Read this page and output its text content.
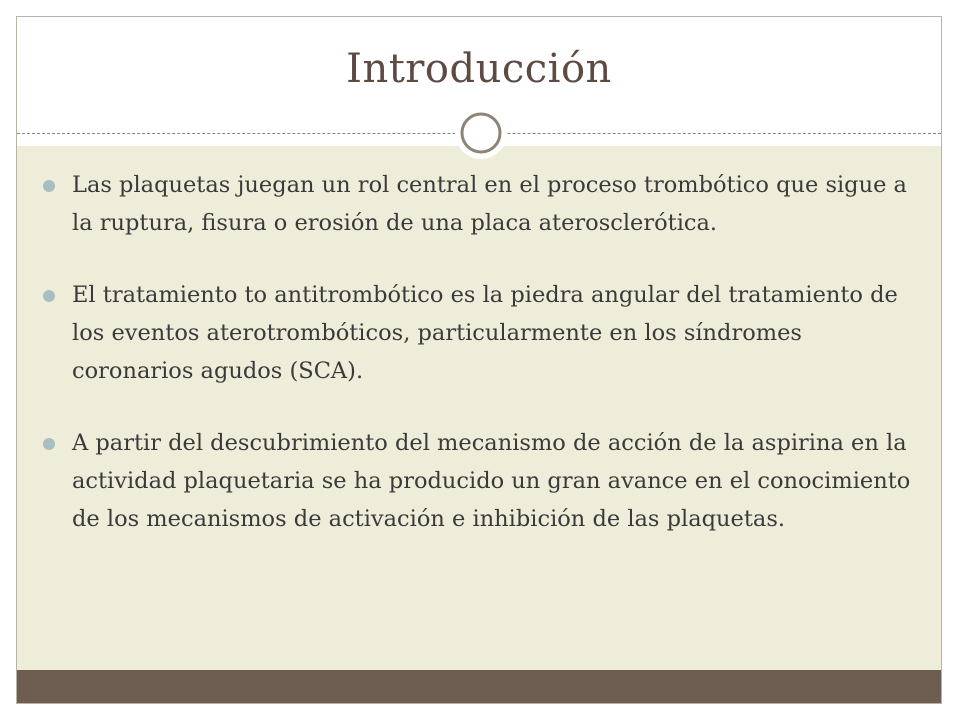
Introducción
Las plaquetas juegan un rol central en el proceso trombótico que sigue a la ruptura, fisura o erosión de una placa aterosclerótica.
El tratamiento to antitrombótico es la piedra angular del tratamiento de los eventos aterotrombóticos, particularmente en los síndromes coronarios agudos (SCA).
A partir del descubrimiento del mecanismo de acción de la aspirina en la actividad plaquetaria se ha producido un gran avance en el conocimiento de los mecanismos de activación e inhibición de las plaquetas.
